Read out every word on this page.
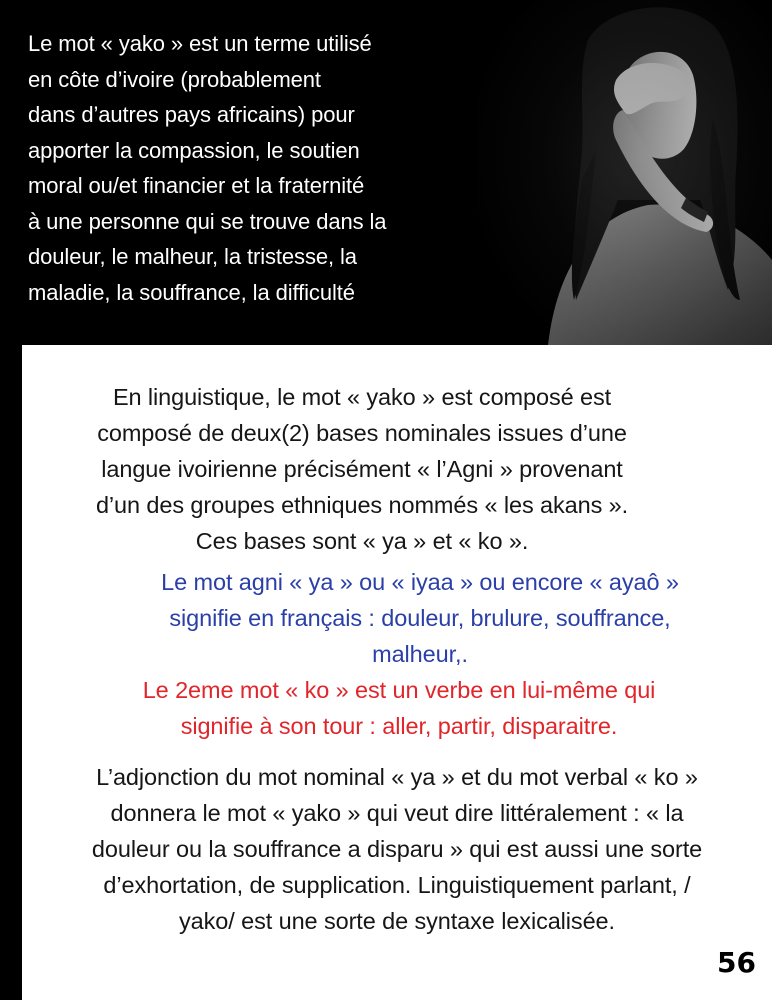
Le mot « yako » est un terme utilisé
en côte d’ivoire (probablement
dans d’autres pays africains) pour
apporter la compassion, le soutien
moral ou/et financier et la fraternité
à une personne qui se trouve dans la
douleur, le malheur, la tristesse, la
maladie, la souffrance, la difficulté
En linguistique, le mot « yako » est composé est
composé de deux(2) bases nominales issues d’une
langue ivoirienne précisément « l’Agni » provenant
d’un des groupes ethniques nommés « les akans ».
Ces bases sont « ya » et « ko ».
Le mot agni « ya » ou « iyaa » ou encore « ayaô »
signifie en français : douleur, brulure, souffrance,
malheur,.
Le 2eme mot « ko » est un verbe en lui-même qui
signifie à son tour : aller, partir, disparaitre.
L’adjonction du mot nominal « ya » et du mot verbal « ko »
donnera le mot « yako » qui veut dire littéralement : « la
douleur ou la souffrance a disparu » qui est aussi une sorte
d’exhortation, de supplication. Linguistiquement parlant, /
yako/ est une sorte de syntaxe lexicalisée.
56
